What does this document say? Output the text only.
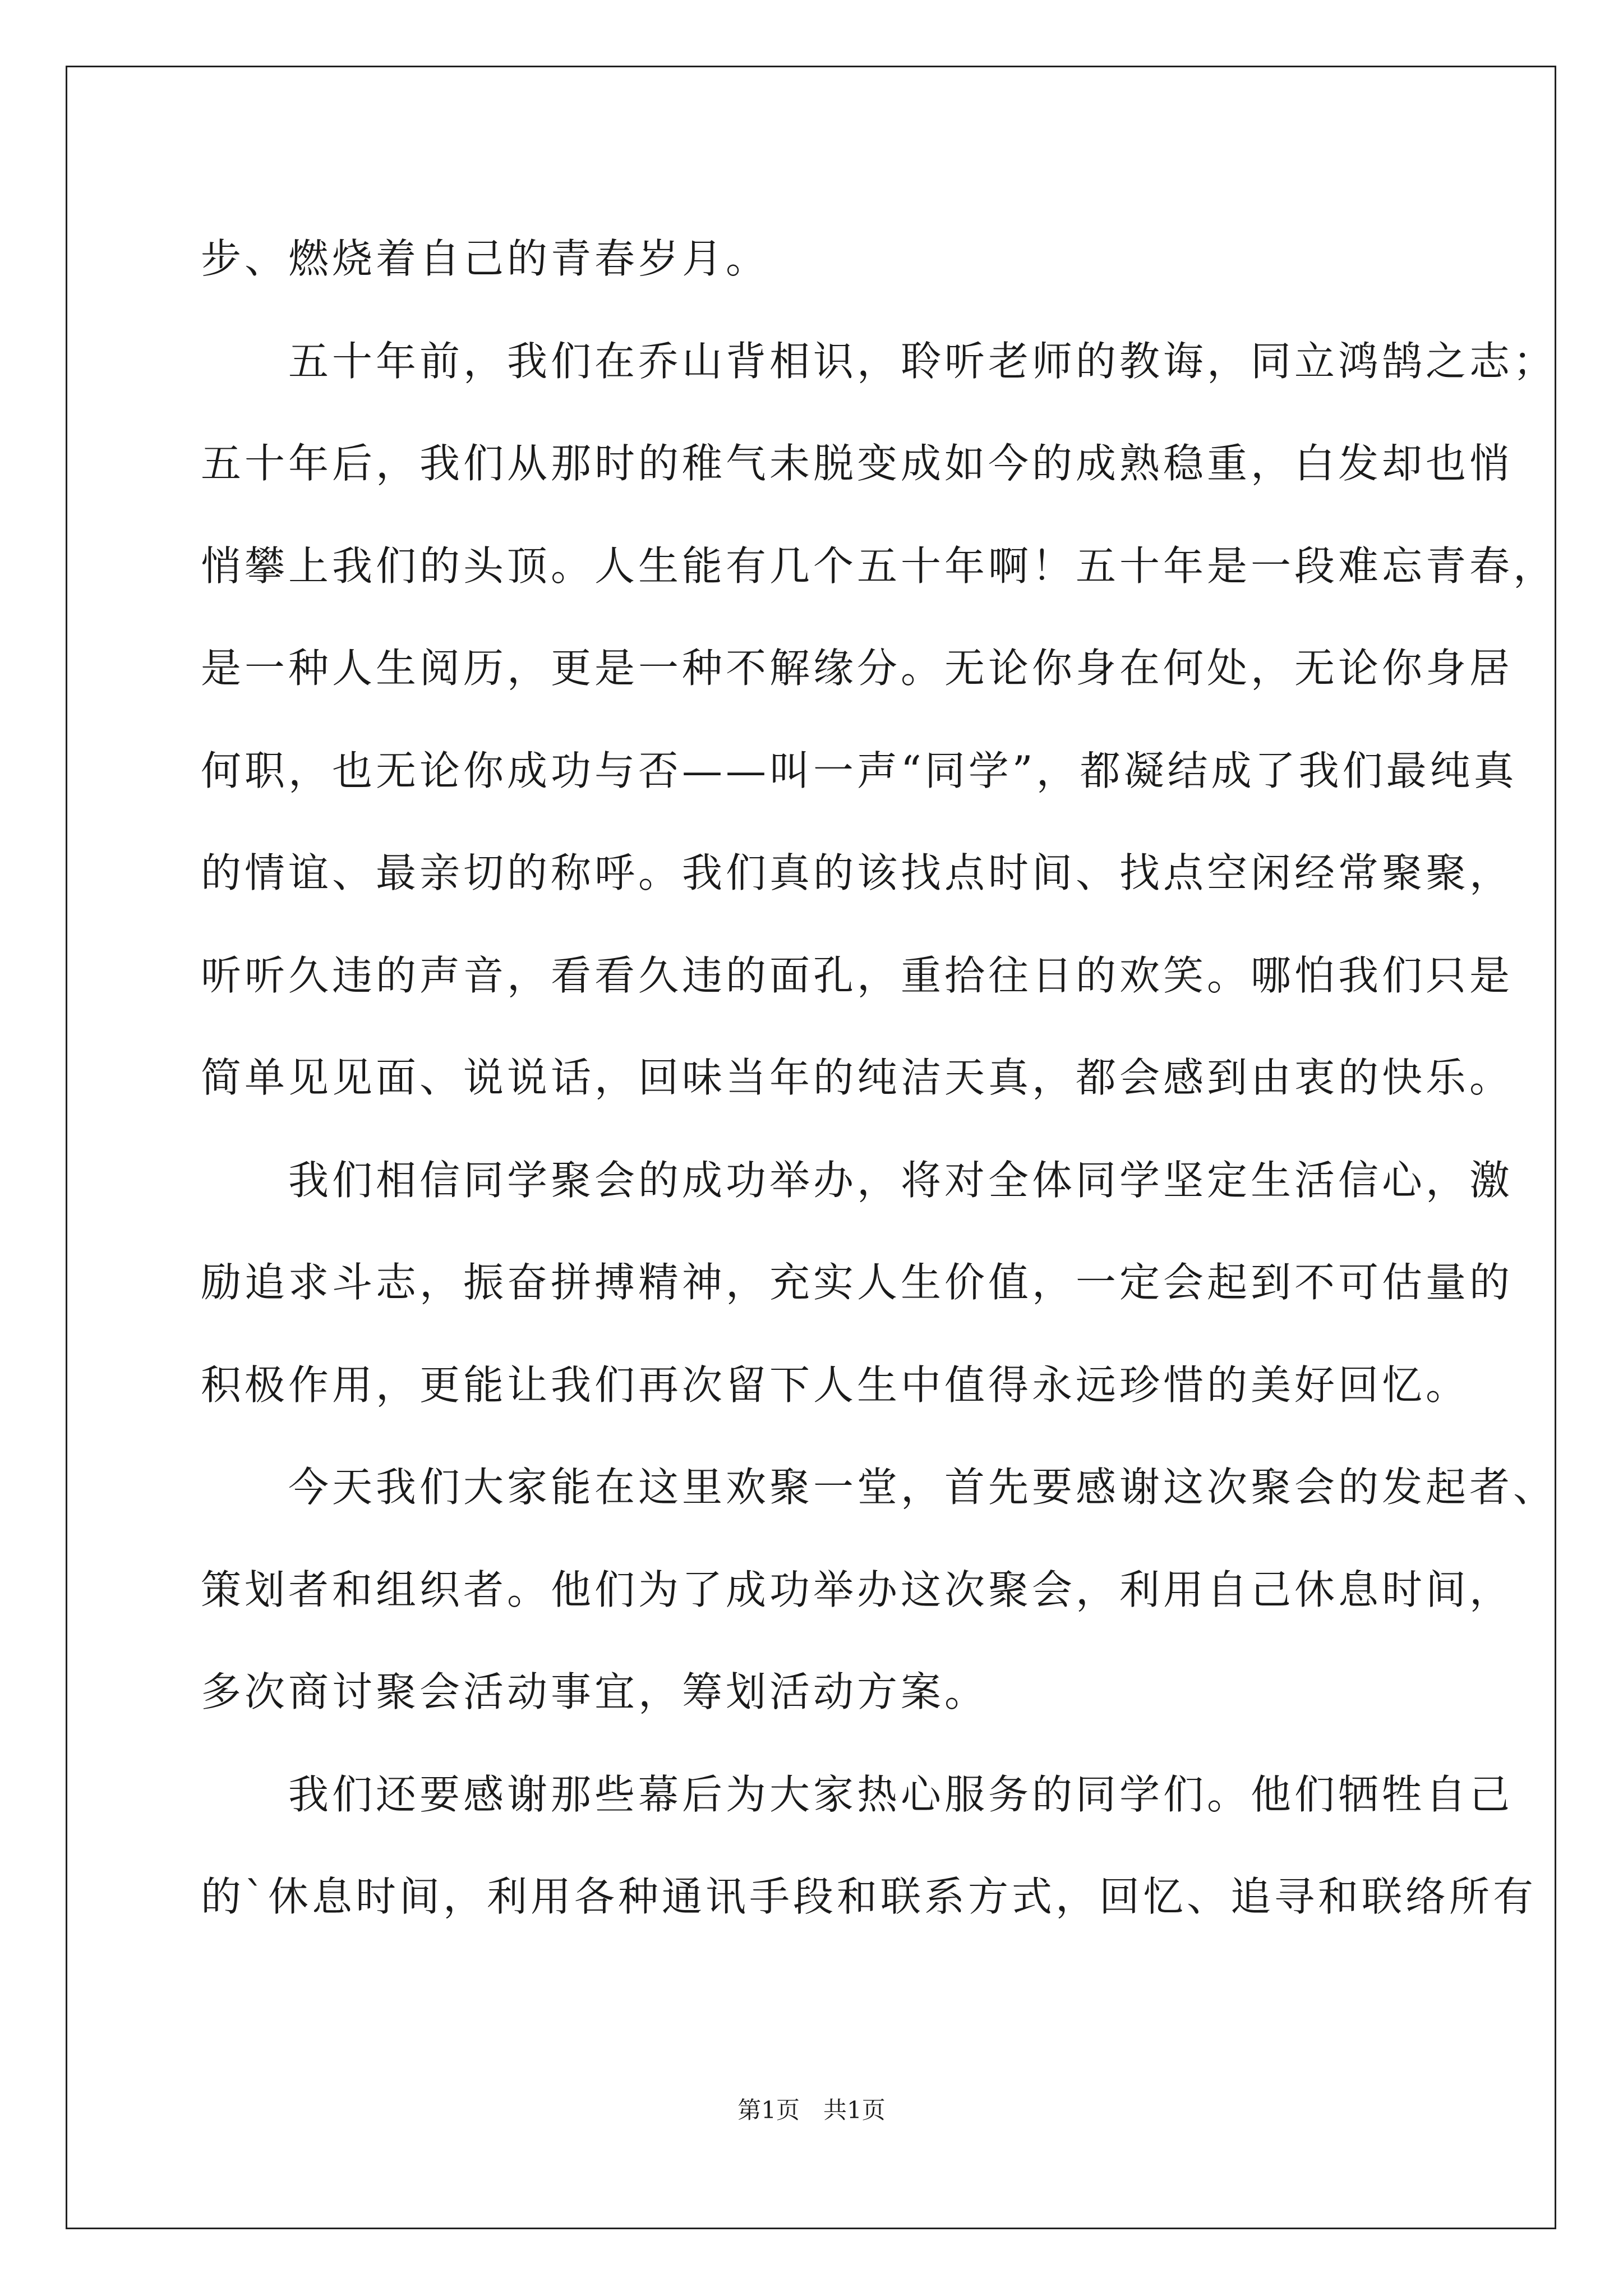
步、燃烧着自己的青春岁月。
　　五十年前，我们在乔山背相识，聆听老师的教诲，同立鸿鹄之志；
五十年后，我们从那时的稚气未脱变成如今的成熟稳重，白发却也悄
悄攀上我们的头顶。人生能有几个五十年啊！五十年是一段难忘青春，
是一种人生阅历，更是一种不解缘分。无论你身在何处，无论你身居
何职，也无论你成功与否——叫一声“同学”，都凝结成了我们最纯真
的情谊、最亲切的称呼。我们真的该找点时间、找点空闲经常聚聚，
听听久违的声音，看看久违的面孔，重拾往日的欢笑。哪怕我们只是
简单见见面、说说话，回味当年的纯洁天真，都会感到由衷的快乐。
　　我们相信同学聚会的成功举办，将对全体同学坚定生活信心，激
励追求斗志，振奋拼搏精神，充实人生价值，一定会起到不可估量的
积极作用，更能让我们再次留下人生中值得永远珍惜的美好回忆。
　　今天我们大家能在这里欢聚一堂，首先要感谢这次聚会的发起者、
策划者和组织者。他们为了成功举办这次聚会，利用自己休息时间，
多次商讨聚会活动事宜，筹划活动方案。
　　我们还要感谢那些幕后为大家热心服务的同学们。他们牺牲自己
的`休息时间，利用各种通讯手段和联系方式，回忆、追寻和联络所有
第1页　共1页
